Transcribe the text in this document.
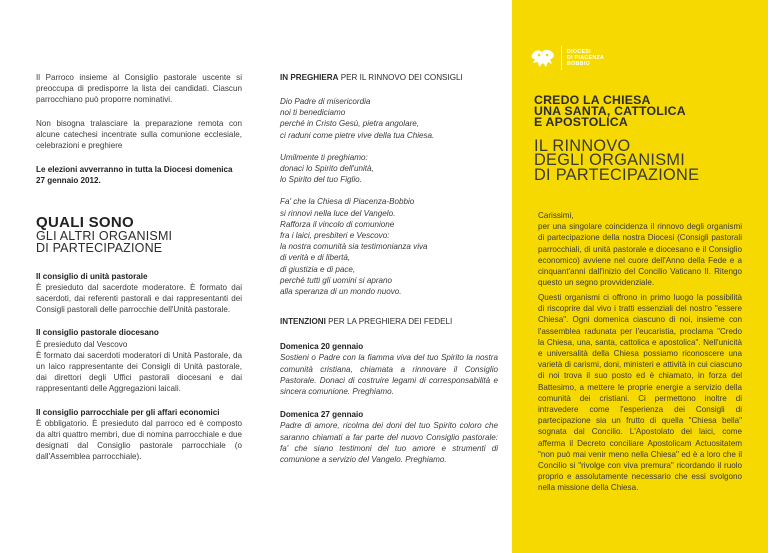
Il Parroco insieme al Consiglio pastorale uscente si preoccupa di predisporre la lista dei candidati. Ciascun parrocchiano può proporre nominativi.

Non bisogna tralasciare la preparazione remota con alcune catechesi incentrate sulla comunione ecclesiale, celebrazioni e preghiere

Le elezioni avverranno in tutta la Diocesi domenica 27 gennaio 2012.

QUALI SONO
GLI ALTRI ORGANISMI
DI PARTECIPAZIONE

Il consiglio di unità pastorale

È presieduto dal sacerdote moderatore. È formato dai sacerdoti, dai referenti pastorali e dai rappresentanti dei Consigli pastorali delle parrocchie dell'Unità pastorale.

Il consiglio pastorale diocesano

È presieduto dal Vescovo

È formato dai sacerdoti moderatori di Unità Pastorale, da un laico rappresentante dei Consigli di Unità pastorale, dai direttori degli Uffici pastorali diocesani e dai rappresentanti delle Aggregazioni laicali.

Il consiglio parrocchiale per gli affari economici

È obbligatorio. È presieduto dal parroco ed è composto da altri quattro membri, due di nomina parrocchiale e due designati dal Consiglio pastorale parrocchiale (o dall'Assemblea parrocchiale).

IN PREGHIERA PER IL RINNOVO DEI CONSIGLI

Dio Padre di misericordia
noi ti benediciamo
perché in Cristo Gesù, pietra angolare,
ci raduni come pietre vive della tua Chiesa.
Umilmente ti preghiamo:
donaci lo Spirito dell'unità,
lo Spirito del tuo Figlio.
Fa' che la Chiesa di Piacenza-Bobbio
si rinnovi nella luce del Vangelo.
Rafforza il vincolo di comunione
fra i laici, presbiteri e Vescovo:
la nostra comunità sia testimonianza viva
di verità e di libertà,
di giustizia e di pace,
perché tutti gli uomini si aprano
alla speranza di un mondo nuovo.

INTENZIONI PER LA PREGHIERA DEI FEDELI

Domenica 20 gennaio

Sostieni o Padre con la fiamma viva del tuo Spirito la nostra comunità cristiana, chiamata a rinnovare il Consiglio Pastorale. Donaci di costruire legami di corresponsabilità e sincera comunione. Preghiamo.

Domenica 27 gennaio

Padre di amore, ricolma dei doni del tuo Spirito coloro che saranno chiamati a far parte del nuovo Consiglio pastorale: fa' che siano testimoni del tuo amore e strumenti di comunione a servizio del Vangelo. Preghiamo.

Carissimi,
per una singolare coincidenza il rinnovo degli organismi di partecipazione della nostra Diocesi (Consigli pastorali parrocchiali, di unità pastorale e diocesano e il Consiglio economico) avviene nel cuore dell'Anno della Fede e a cinquant'anni dall'inizio del Concilio Vaticano II. Ritengo questo un segno provvidenziale.

Questi organismi ci offrono in primo luogo la possibilità di riscoprire dal vivo i tratti essenziali del nostro "essere Chiesa". Ogni domenica ciascuno di noi, insieme con l'assemblea radunata per l'eucaristia, proclama "Credo la Chiesa, una, santa, cattolica e apostolica". Nell'unicità e universalità della Chiesa possiamo riconoscere una varietà di carismi, doni, ministeri e attività in cui ciascuno di noi trova il suo posto ed è chiamato, in forza del Battesimo, a mettere le proprie energie a servizio della comunità dei cristiani. Ci permettono inoltre di intravedere come l'esperienza dei Consigli di partecipazione sia un frutto di quella "Chiesa bella" sognata dal Concilio. L'Apostolato dei laici, come afferma il Decreto conciliare Apostolicam Actuositatem "non può mai venir meno nella Chiesa" ed è a loro che il Concilio si "rivolge con viva premura" ricordando il ruolo proprio e assolutamente necessario che essi svolgono nella missione della Chiesa.

DIOCESI
DI PIACENZA
BOBBIO
CREDO LA CHIESA
UNA SANTA, CATTOLICA
E APOSTOLICA
IL RINNOVO
DEGLI ORGANISMI
DI PARTECIPAZIONE
